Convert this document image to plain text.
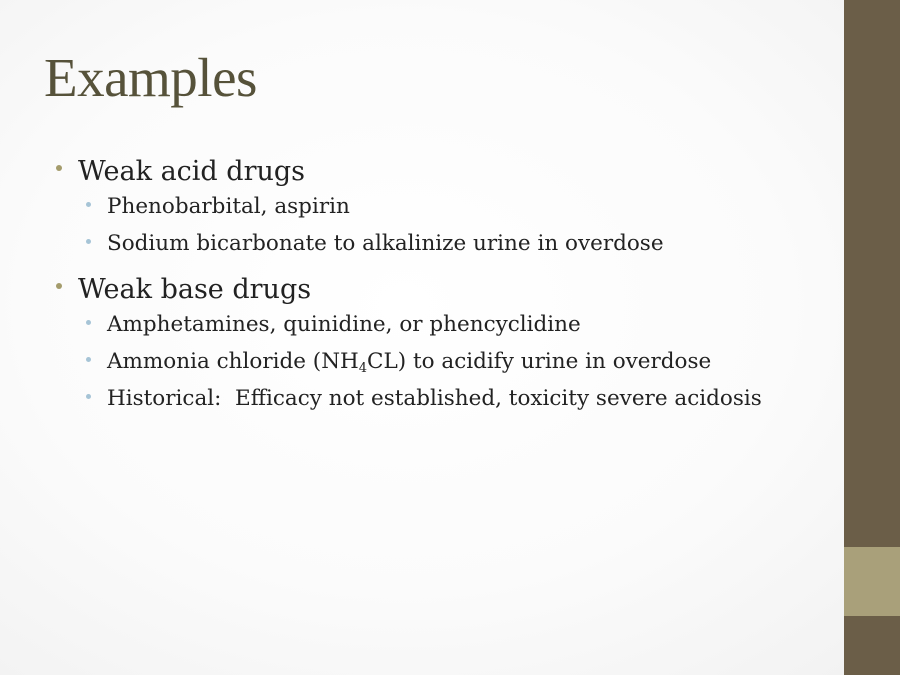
Examples
Weak acid drugs
Phenobarbital, aspirin
Sodium bicarbonate to alkalinize urine in overdose
Weak base drugs
Amphetamines, quinidine, or phencyclidine
Ammonia chloride $(NH_4CL)$ to acidify urine in overdose
Historical:  Efficacy not established, toxicity severe acidosis
